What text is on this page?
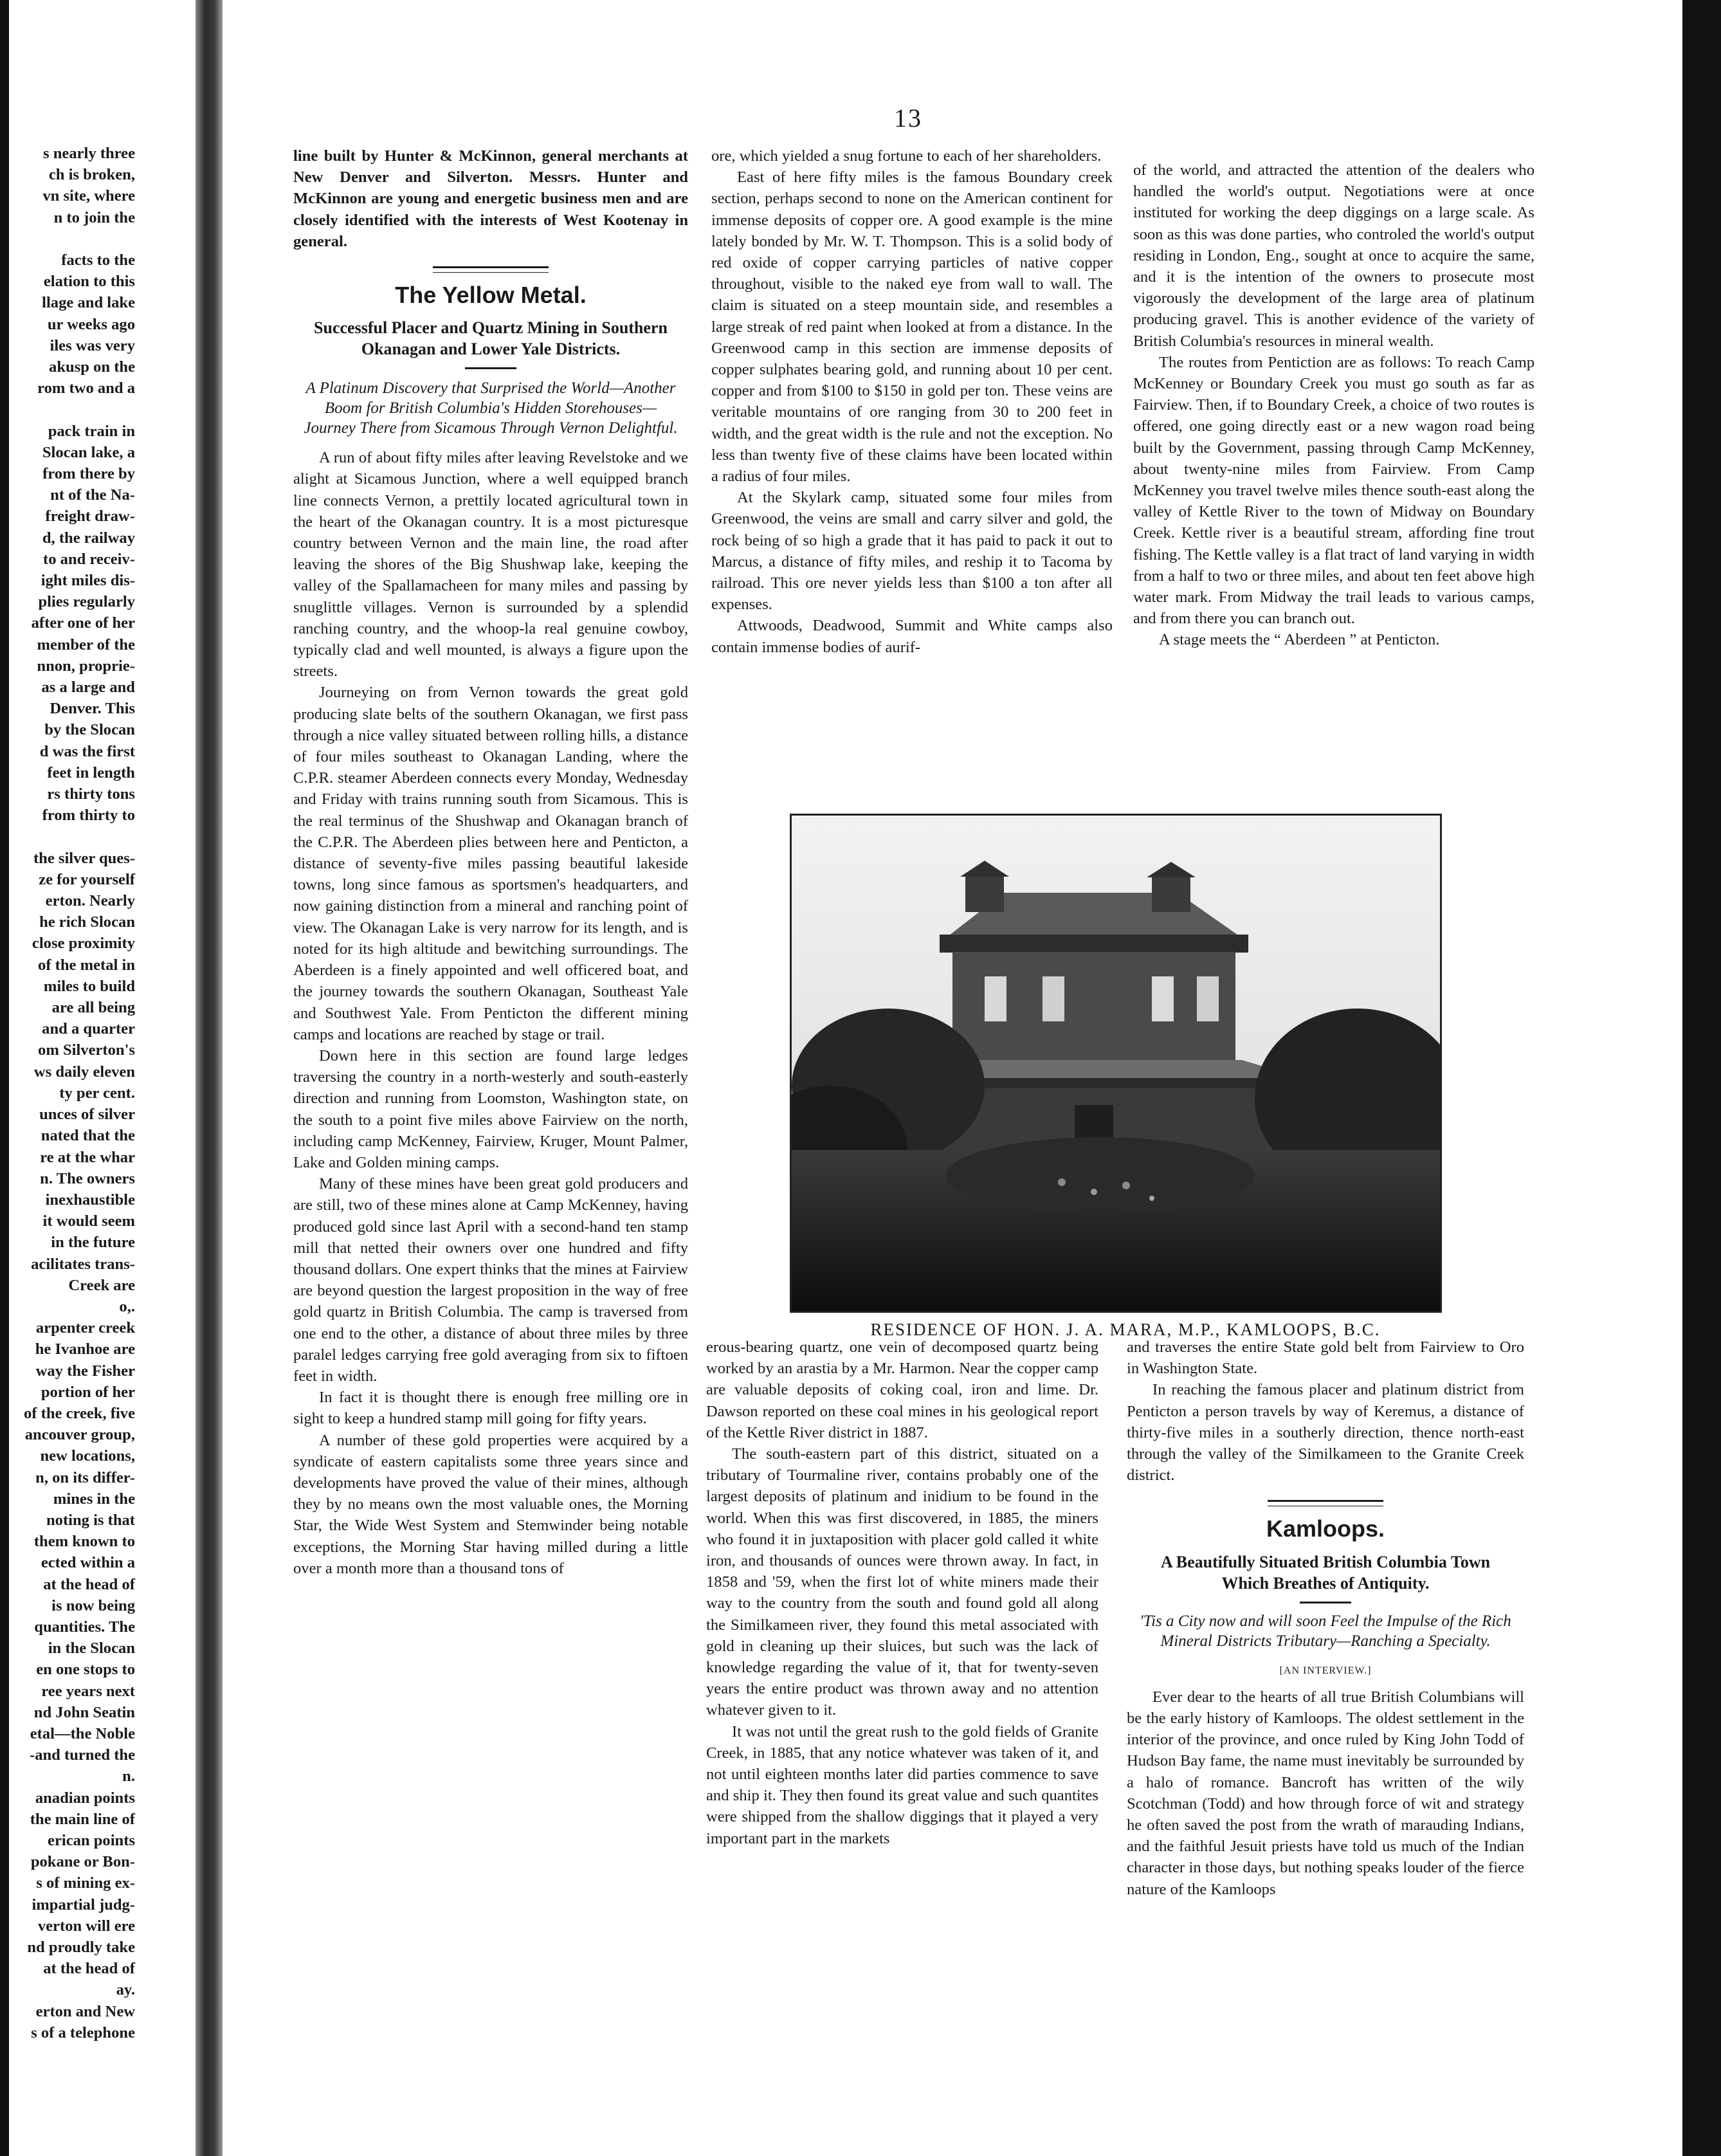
s nearly three
ch is broken,
vn site, where
n to join the
facts to the
elation to this
llage and lake
ur weeks ago
iles was very
akusp on the
rom two and a
pack train in
Slocan lake, a
from there by
nt of the Na-
freight draw-
d, the railway
to and receiv-
ight miles dis-
plies regularly
after one of her
member of the
nnon, proprie-
as a large and
Denver. This
by the Slocan
d was the first
feet in length
rs thirty tons
from thirty to
the silver ques-
ze for yourself
erton. Nearly
he rich Slocan
close proximity
of the metal in
miles to build
are all being
and a quarter
om Silverton's
ws daily eleven
ty per cent.
unces of silver
nated that the
re at the whar
n. The owners
inexhaustible
it would seem
in the future
acilitates trans-
Creek are
o,.
arpenter creek
he Ivanhoe are
way the Fisher
portion of her
of the creek, five
ancouver group,
new locations,
n, on its differ-
mines in the
noting is that
them known to
ected within a
at the head of
is now being
quantities. The
in the Slocan
en one stops to
ree years next
nd John Seatin
etal—the Noble
-and turned the
n.
anadian points
the main line of
erican points
pokane or Bon-
s of mining ex-
impartial judg-
verton will ere
nd proudly take
at the head of
ay.
erton and New
s of a telephone
13

line built by Hunter & McKinnon, general merchants at New Denver and Silverton. Messrs. Hunter and McKinnon are young and energetic business men and are closely identified with the interests of West Kootenay in general.

The Yellow Metal.
Successful Placer and Quartz Mining in Southern Okanagan and Lower Yale Districts.
A Platinum Discovery that Surprised the World—Another Boom for British Columbia's Hidden Storehouses—Journey There from Sicamous Through Vernon Delightful.

A run of about fifty miles after leaving Revelstoke and we alight at Sicamous Junction, where a well equipped branch line connects Vernon, a prettily located agricultural town in the heart of the Okanagan country. It is a most picturesque country between Vernon and the main line, the road after leaving the shores of the Big Shushwap lake, keeping the valley of the Spallamacheen for many miles and passing by snuglittle villages. Vernon is surrounded by a splendid ranching country, and the whoop-la real genuine cowboy, typically clad and well mounted, is always a figure upon the streets.

Journeying on from Vernon towards the great gold producing slate belts of the southern Okanagan, we first pass through a nice valley situated between rolling hills, a distance of four miles southeast to Okanagan Landing, where the C.P.R. steamer Aberdeen connects every Monday, Wednesday and Friday with trains running south from Sicamous. This is the real terminus of the Shushwap and Okanagan branch of the C.P.R. The Aberdeen plies between here and Penticton, a distance of seventy-five miles passing beautiful lakeside towns, long since famous as sportsmen's headquarters, and now gaining distinction from a mineral and ranching point of view. The Okanagan Lake is very narrow for its length, and is noted for its high altitude and bewitching surroundings. The Aberdeen is a finely appointed and well officered boat, and the journey towards the southern Okanagan, Southeast Yale and Southwest Yale. From Penticton the different mining camps and locations are reached by stage or trail.

Down here in this section are found large ledges traversing the country in a north-westerly and south-easterly direction and running from Loomston, Washington state, on the south to a point five miles above Fairview on the north, including camp McKenney, Fairview, Kruger, Mount Palmer, Lake and Golden mining camps.

Many of these mines have been great gold producers and are still, two of these mines alone at Camp McKenney, having produced gold since last April with a second-hand ten stamp mill that netted their owners over one hundred and fifty thousand dollars. One expert thinks that the mines at Fairview are beyond question the largest proposition in the way of free gold quartz in British Columbia. The camp is traversed from one end to the other, a distance of about three miles by three paralel ledges carrying free gold averaging from six to fiftoen feet in width.

In fact it is thought there is enough free milling ore in sight to keep a hundred stamp mill going for fifty years.

A number of these gold properties were acquired by a syndicate of eastern capitalists some three years since and developments have proved the value of their mines, although they by no means own the most valuable ones, the Morning Star, the Wide West System and Stemwinder being notable exceptions, the Morning Star having milled during a little over a month more than a thousand tons of

ore, which yielded a snug fortune to each of her shareholders.

East of here fifty miles is the famous Boundary creek section, perhaps second to none on the American continent for immense deposits of copper ore. A good example is the mine lately bonded by Mr. W. T. Thompson. This is a solid body of red oxide of copper carrying particles of native copper throughout, visible to the naked eye from wall to wall. The claim is situated on a steep mountain side, and resembles a large streak of red paint when looked at from a distance. In the Greenwood camp in this section are immense deposits of copper sulphates bearing gold, and running about 10 per cent. copper and from $100 to $150 in gold per ton. These veins are veritable mountains of ore ranging from 30 to 200 feet in width, and the great width is the rule and not the exception. No less than twenty five of these claims have been located within a radius of four miles.

At the Skylark camp, situated some four miles from Greenwood, the veins are small and carry silver and gold, the rock being of so high a grade that it has paid to pack it out to Marcus, a distance of fifty miles, and reship it to Tacoma by railroad. This ore never yields less than $100 a ton after all expenses.

Attwoods, Deadwood, Summit and White camps also contain immense bodies of aurif-

of the world, and attracted the attention of the dealers who handled the world's output. Negotiations were at once instituted for working the deep diggings on a large scale. As soon as this was done parties, who controled the world's output residing in London, Eng., sought at once to acquire the same, and it is the intention of the owners to prosecute most vigorously the development of the large area of platinum producing gravel. This is another evidence of the variety of British Columbia's resources in mineral wealth.

The routes from Pentiction are as follows: To reach Camp McKenney or Boundary Creek you must go south as far as Fairview. Then, if to Boundary Creek, a choice of two routes is offered, one going directly east or a new wagon road being built by the Government, passing through Camp McKenney, about twenty-nine miles from Fairview. From Camp McKenney you travel twelve miles thence south-east along the valley of Kettle River to the town of Midway on Boundary Creek. Kettle river is a beautiful stream, affording fine trout fishing. The Kettle valley is a flat tract of land varying in width from a half to two or three miles, and about ten feet above high water mark. From Midway the trail leads to various camps, and from there you can branch out.

A stage meets the “ Aberdeen ” at Penticton.

RESIDENCE OF HON. J. A. MARA, M.P., KAMLOOPS, B.C.

erous-bearing quartz, one vein of decomposed quartz being worked by an arastia by a Mr. Harmon. Near the copper camp are valuable deposits of coking coal, iron and lime. Dr. Dawson reported on these coal mines in his geological report of the Kettle River district in 1887.

The south-eastern part of this district, situated on a tributary of Tourmaline river, contains probably one of the largest deposits of platinum and inidium to be found in the world. When this was first discovered, in 1885, the miners who found it in juxtaposition with placer gold called it white iron, and thousands of ounces were thrown away. In fact, in 1858 and '59, when the first lot of white miners made their way to the country from the south and found gold all along the Similkameen river, they found this metal associated with gold in cleaning up their sluices, but such was the lack of knowledge regarding the value of it, that for twenty-seven years the entire product was thrown away and no attention whatever given to it.

It was not until the great rush to the gold fields of Granite Creek, in 1885, that any notice whatever was taken of it, and not until eighteen months later did parties commence to save and ship it. They then found its great value and such quantites were shipped from the shallow diggings that it played a very important part in the markets

and traverses the entire State gold belt from Fairview to Oro in Washington State.

In reaching the famous placer and platinum district from Penticton a person travels by way of Keremus, a distance of thirty-five miles in a southerly direction, thence north-east through the valley of the Similkameen to the Granite Creek district.

Kamloops.
A Beautifully Situated British Columbia Town Which Breathes of Antiquity.
'Tis a City now and will soon Feel the Impulse of the Rich Mineral Districts Tributary—Ranching a Specialty.
[AN INTERVIEW.]

Ever dear to the hearts of all true British Columbians will be the early history of Kamloops. The oldest settlement in the interior of the province, and once ruled by King John Todd of Hudson Bay fame, the name must inevitably be surrounded by a halo of romance. Bancroft has written of the wily Scotchman (Todd) and how through force of wit and strategy he often saved the post from the wrath of marauding Indians, and the faithful Jesuit priests have told us much of the Indian character in those days, but nothing speaks louder of the fierce nature of the Kamloops
